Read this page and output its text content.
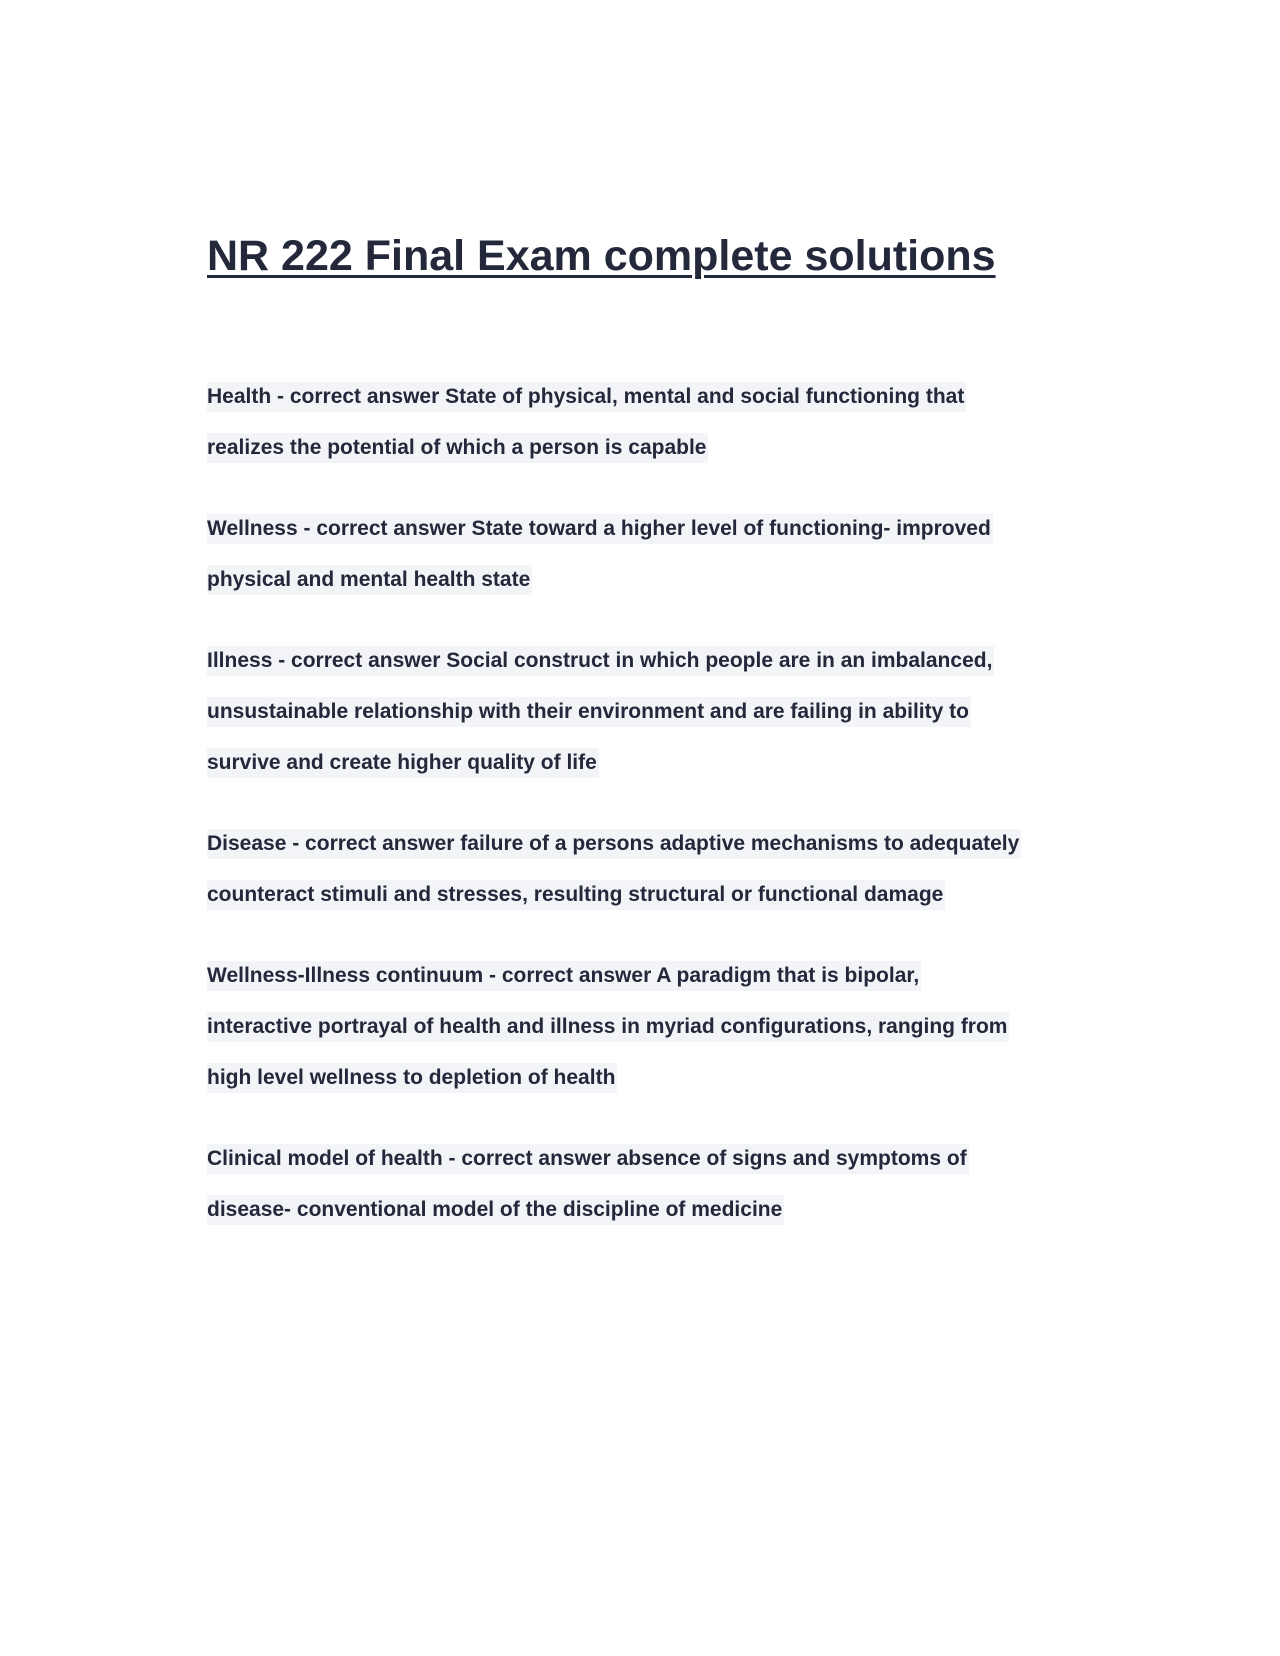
NR 222 Final Exam complete solutions
Health - correct answer State of physical, mental and social functioning that
realizes the potential of which a person is capable
Wellness - correct answer State toward a higher level of functioning- improved
physical and mental health state
Illness - correct answer Social construct in which people are in an imbalanced,
unsustainable relationship with their environment and are failing in ability to
survive and create higher quality of life
Disease - correct answer failure of a persons adaptive mechanisms to adequately
counteract stimuli and stresses, resulting structural or functional damage
Wellness-Illness continuum - correct answer A paradigm that is bipolar,
interactive portrayal of health and illness in myriad configurations, ranging from
high level wellness to depletion of health
Clinical model of health - correct answer absence of signs and symptoms of
disease- conventional model of the discipline of medicine
